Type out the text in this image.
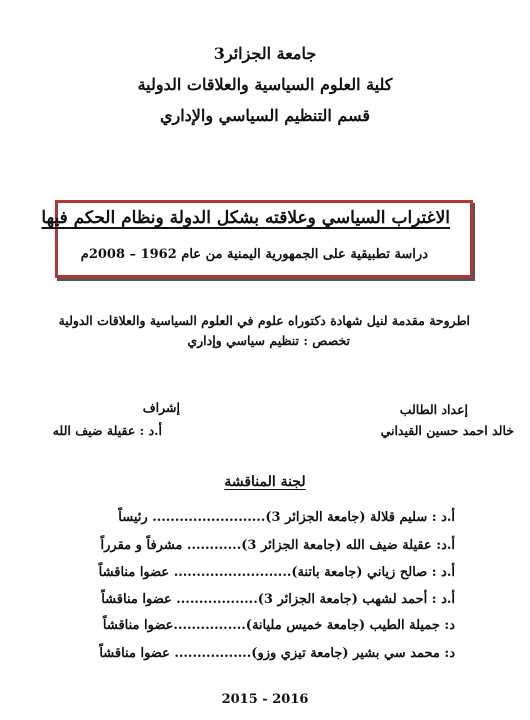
جامعة الجزائر3
كلية العلوم السياسية والعلاقات الدولية
قسم التنظيم السياسي والإداري
الاغتراب السياسي وعلاقته بشكل الدولة ونظام الحكم فيها
دراسة تطبيقية على الجمهورية اليمنية من عام 1962 – 2008م
اطروحة مقدمة لنيل شهادة دكتوراه علوم في العلوم السياسية والعلاقات الدولية
تخصص : تنظيم سياسي وإداري
إعداد الطالب
خالد احمد حسين القيداني
إشراف
أ.د : عقيلة ضيف الله
لجنة المناقشة
أ.د : سليم قلالة (جامعة الجزائر 3)......................... رئيساً
أ.د: عقيلة ضيف الله (جامعة الجزائر 3)............ مشرفاً و مقرراً
أ.د : صالح زياني (جامعة باتنة).......................... عضوا مناقشاً
أ.د : أحمد لشهب (جامعة الجزائر 3).................. عضوا مناقشاً
د: جميلة الطيب (جامعة خميس مليانة)................عضوا مناقشاً
د: محمد سي بشير (جامعة تيزي وزو)................. عضوا مناقشاً
2015 - 2016
